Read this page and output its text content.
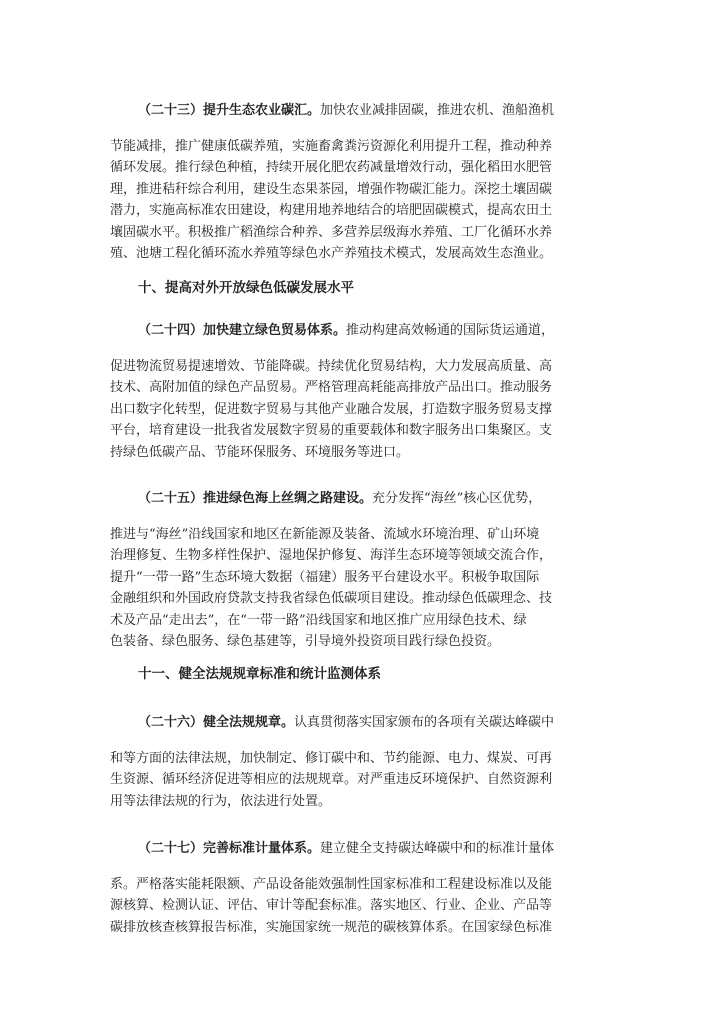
（二十三）提升生态农业碳汇。加快农业减排固碳，推进农机、渔船渔机
节能减排，推广健康低碳养殖，实施畜禽粪污资源化利用提升工程，推动种养
循环发展。推行绿色种植，持续开展化肥农药减量增效行动，强化稻田水肥管
理，推进秸秆综合利用，建设生态果茶园，增强作物碳汇能力。深挖土壤固碳
潜力，实施高标准农田建设，构建用地养地结合的培肥固碳模式，提高农田土
壤固碳水平。积极推广稻渔综合种养、多营养层级海水养殖、工厂化循环水养
殖、池塘工程化循环流水养殖等绿色水产养殖技术模式，发展高效生态渔业。
十、提高对外开放绿色低碳发展水平
（二十四）加快建立绿色贸易体系。推动构建高效畅通的国际货运通道，
促进物流贸易提速增效、节能降碳。持续优化贸易结构，大力发展高质量、高
技术、高附加值的绿色产品贸易。严格管理高耗能高排放产品出口。推动服务
出口数字化转型，促进数字贸易与其他产业融合发展，打造数字服务贸易支撑
平台，培育建设一批我省发展数字贸易的重要载体和数字服务出口集聚区。支
持绿色低碳产品、节能环保服务、环境服务等进口。
（二十五）推进绿色海上丝绸之路建设。充分发挥“海丝”核心区优势，
推进与“海丝”沿线国家和地区在新能源及装备、流域水环境治理、矿山环境
治理修复、生物多样性保护、湿地保护修复、海洋生态环境等领域交流合作，
提升“一带一路”生态环境大数据（福建）服务平台建设水平。积极争取国际
金融组织和外国政府贷款支持我省绿色低碳项目建设。推动绿色低碳理念、技
术及产品“走出去”，在“一带一路”沿线国家和地区推广应用绿色技术、绿
色装备、绿色服务、绿色基建等，引导境外投资项目践行绿色投资。
十一、健全法规规章标准和统计监测体系
（二十六）健全法规规章。认真贯彻落实国家颁布的各项有关碳达峰碳中
和等方面的法律法规，加快制定、修订碳中和、节约能源、电力、煤炭、可再
生资源、循环经济促进等相应的法规规章。对严重违反环境保护、自然资源利
用等法律法规的行为，依法进行处置。
（二十七）完善标准计量体系。建立健全支持碳达峰碳中和的标准计量体
系。严格落实能耗限额、产品设备能效强制性国家标准和工程建设标准以及能
源核算、检测认证、评估、审计等配套标准。落实地区、行业、企业、产品等
碳排放核查核算报告标准，实施国家统一规范的碳核算体系。在国家绿色标准
